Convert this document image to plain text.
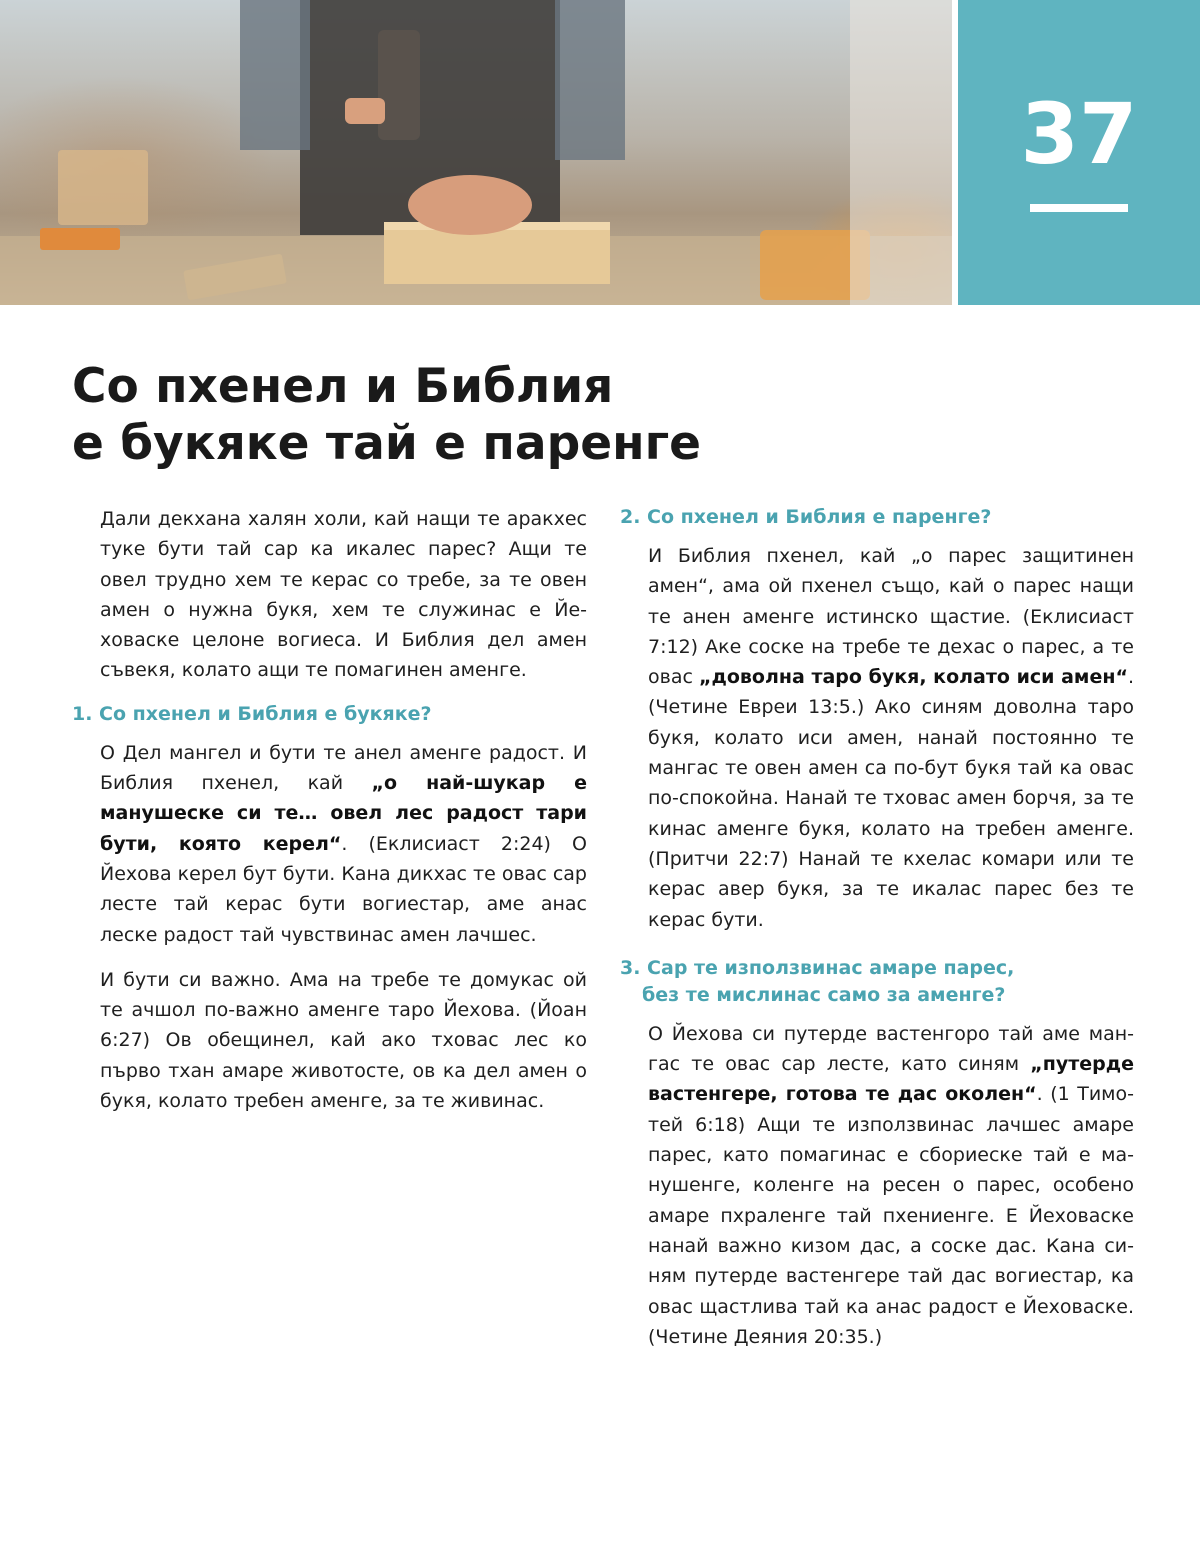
37
Со пхенел и Библия
е букяке тай е паренге

Дали декхана халян холи, кай нащи те аракхес туке бути тай сар ка икалес парес? Ащи те овел трудно хем те керас со требе, за те овен амен о нужна букя, хем те служинас е Йеховаске целоне вогиеса. И Библия дел амен съвекя, колато ащи те помагинен аменге.

1. Со пхенел и Библия е букяке?

О Дел мангел и бути те анел аменге радост. И Библия пхенел, кай „о най-шукар е манушеске си те… овел лес радост тари бути, която керел“. (Еклисиаст 2:24) О Йехова керел бут бути. Кана дикхас те овас сар лесте тай керас бути вогиестар, аме анас леске радост тай чувствинас амен лачшес.

И бути си важно. Ама на требе те домукас ой те ачшол по-важно аменге таро Йехова. (Йоан 6:27) Ов обещинел, кай ако тховас лес ко първо тхан амаре животосте, ов ка дел амен о букя, колато требен аменге, за те живинас.

2. Со пхенел и Библия е паренге?

И Библия пхенел, кай „о парес защитинен амен“, ама ой пхенел също, кай о парес нащи те анен аменге истинско щастие. (Еклисиаст 7:12) Аке соске на требе те дехас о парес, а те овас „доволна таро букя, колато иси амен“. (Четине Евреи 13:5.) Ако синям доволна таро букя, колато иси амен, нанай постоянно те мангас те овен амен са по-бут букя тай ка овас по-спокойна. Нанай те тховас амен борчя, за те кинас аменге букя, колато на требен аменге. (Притчи 22:7) Нанай те кхелас комари или те керас авер букя, за те икалас парес без те керас бути.

3. Сар те използвинас амаре парес,
без те мислинас само за аменге?

О Йехова си путерде вастенгоро тай аме мангас те овас сар лесте, като синям „путерде вастенгере, готова те дас околен“. (1 Тимотей 6:18) Ащи те използвинас лачшес амаре парес, като помагинас е сбориеске тай е манушенге, коленге на ресен о парес, особено амаре пхраленге тай пхениенге. Е Йеховаске нанай важно кизом дас, а соске дас. Кана синям путерде вастенгере тай дас вогиестар, ка овас щастлива тай ка анас радост е Йеховаске. (Четине Деяния 20:35.)
